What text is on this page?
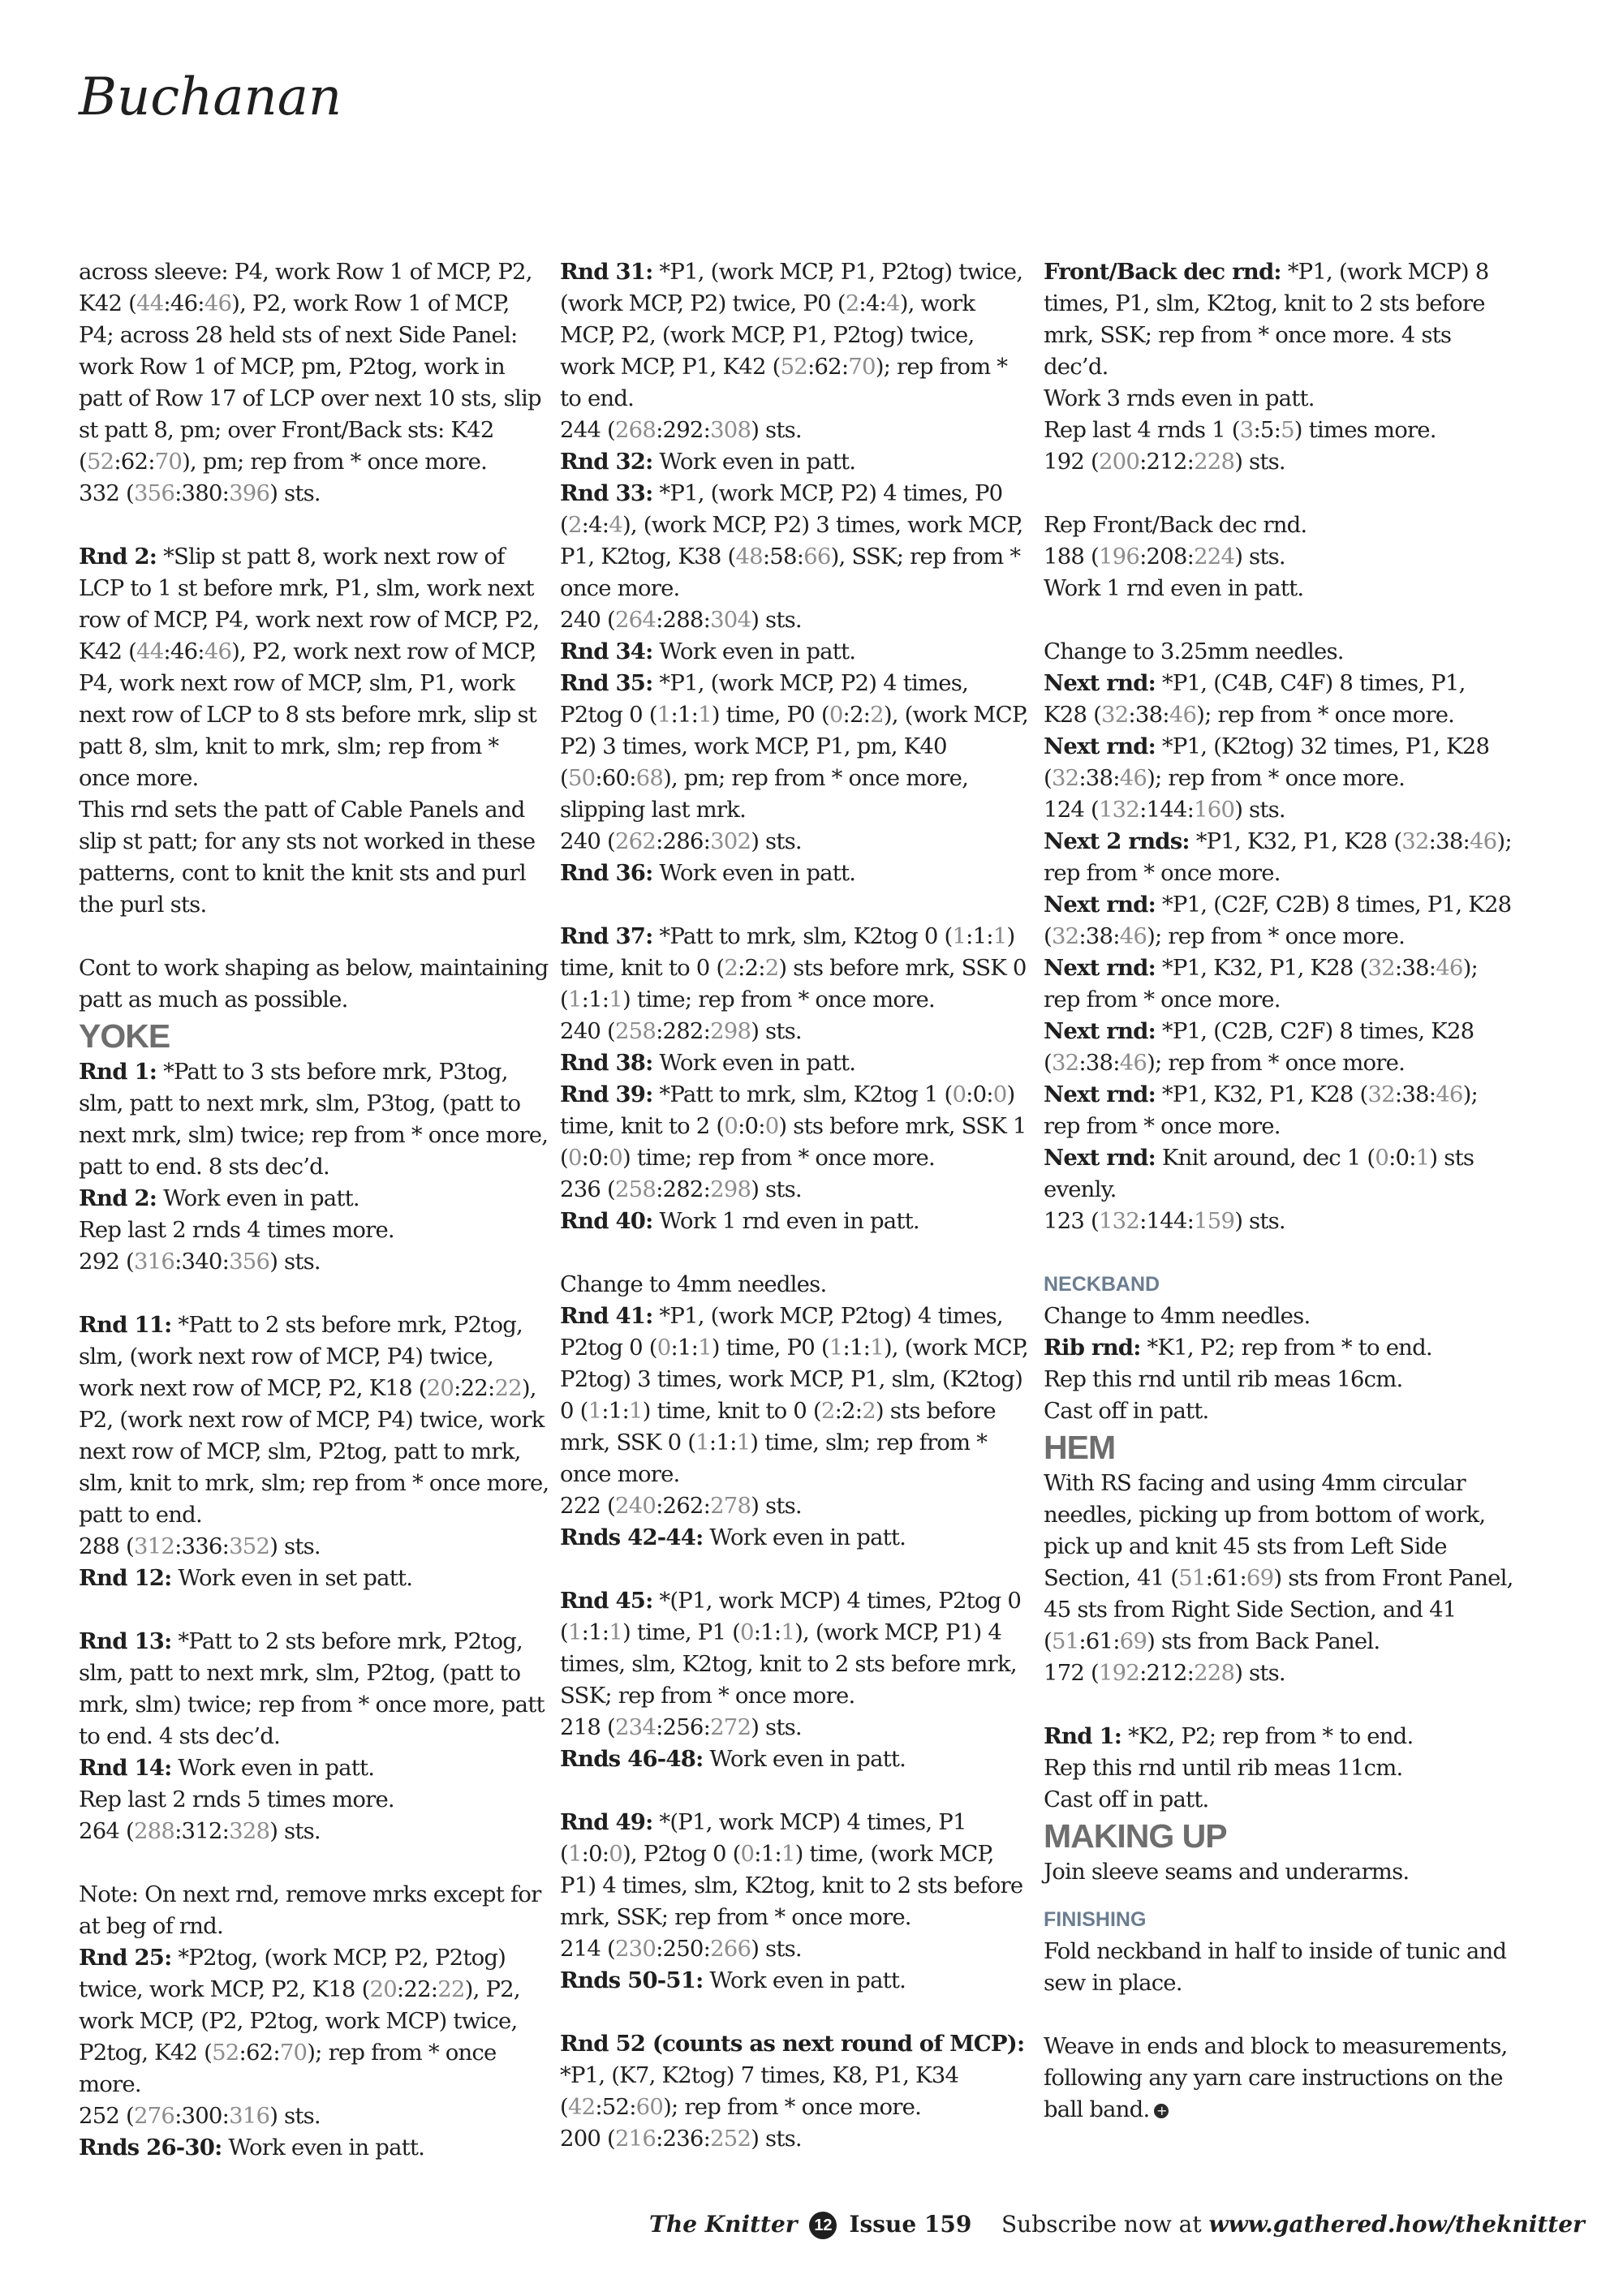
Buchanan

across sleeve: P4, work Row 1 of MCP, P2, K42 (44:46:46), P2, work Row 1 of MCP, P4; across 28 held sts of next Side Panel: work Row 1 of MCP, pm, P2tog, work in patt of Row 17 of LCP over next 10 sts, slip st patt 8, pm; over Front/Back sts: K42 (52:62:70), pm; rep from * once more.

332 (356:380:396) sts.

Rnd 2: *Slip st patt 8, work next row of LCP to 1 st before mrk, P1, slm, work next row of MCP, P4, work next row of MCP, P2, K42 (44:46:46), P2, work next row of MCP, P4, work next row of MCP, slm, P1, work next row of LCP to 8 sts before mrk, slip st patt 8, slm, knit to mrk, slm; rep from * once more.

This rnd sets the patt of Cable Panels and slip st patt; for any sts not worked in these patterns, cont to knit the knit sts and purl the purl sts.

Cont to work shaping as below, maintaining patt as much as possible.

YOKE

Rnd 1: *Patt to 3 sts before mrk, P3tog, slm, patt to next mrk, slm, P3tog, (patt to next mrk, slm) twice; rep from * once more, patt to end. 8 sts dec’d.

Rnd 2: Work even in patt.

Rep last 2 rnds 4 times more.

292 (316:340:356) sts.

Rnd 11: *Patt to 2 sts before mrk, P2tog, slm, (work next row of MCP, P4) twice, work next row of MCP, P2, K18 (20:22:22), P2, (work next row of MCP, P4) twice, work next row of MCP, slm, P2tog, patt to mrk, slm, knit to mrk, slm; rep from * once more, patt to end.

288 (312:336:352) sts.

Rnd 12: Work even in set patt.

Rnd 13: *Patt to 2 sts before mrk, P2tog, slm, patt to next mrk, slm, P2tog, (patt to mrk, slm) twice; rep from * once more, patt to end. 4 sts dec’d.

Rnd 14: Work even in patt.

Rep last 2 rnds 5 times more.

264 (288:312:328) sts.

Note: On next rnd, remove mrks except for at beg of rnd.

Rnd 25: *P2tog, (work MCP, P2, P2tog) twice, work MCP, P2, K18 (20:22:22), P2, work MCP, (P2, P2tog, work MCP) twice, P2tog, K42 (52:62:70); rep from * once more.

252 (276:300:316) sts.

Rnds 26-30: Work even in patt.

Rnd 31: *P1, (work MCP, P1, P2tog) twice, (work MCP, P2) twice, P0 (2:4:4), work MCP, P2, (work MCP, P1, P2tog) twice, work MCP, P1, K42 (52:62:70); rep from * to end.

244 (268:292:308) sts.

Rnd 32: Work even in patt.

Rnd 33: *P1, (work MCP, P2) 4 times, P0 (2:4:4), (work MCP, P2) 3 times, work MCP, P1, K2tog, K38 (48:58:66), SSK; rep from * once more.

240 (264:288:304) sts.

Rnd 34: Work even in patt.

Rnd 35: *P1, (work MCP, P2) 4 times, P2tog 0 (1:1:1) time, P0 (0:2:2), (work MCP, P2) 3 times, work MCP, P1, pm, K40 (50:60:68), pm; rep from * once more, slipping last mrk.

240 (262:286:302) sts.

Rnd 36: Work even in patt.

Rnd 37: *Patt to mrk, slm, K2tog 0 (1:1:1) time, knit to 0 (2:2:2) sts before mrk, SSK 0 (1:1:1) time; rep from * once more.

240 (258:282:298) sts.

Rnd 38: Work even in patt.

Rnd 39: *Patt to mrk, slm, K2tog 1 (0:0:0) time, knit to 2 (0:0:0) sts before mrk, SSK 1 (0:0:0) time; rep from * once more.

236 (258:282:298) sts.

Rnd 40: Work 1 rnd even in patt.

Change to 4mm needles.

Rnd 41: *P1, (work MCP, P2tog) 4 times, P2tog 0 (0:1:1) time, P0 (1:1:1), (work MCP, P2tog) 3 times, work MCP, P1, slm, (K2tog) 0 (1:1:1) time, knit to 0 (2:2:2) sts before mrk, SSK 0 (1:1:1) time, slm; rep from * once more.

222 (240:262:278) sts.

Rnds 42-44: Work even in patt.

Rnd 45: *(P1, work MCP) 4 times, P2tog 0 (1:1:1) time, P1 (0:1:1), (work MCP, P1) 4 times, slm, K2tog, knit to 2 sts before mrk, SSK; rep from * once more.

218 (234:256:272) sts.

Rnds 46-48: Work even in patt.

Rnd 49: *(P1, work MCP) 4 times, P1 (1:0:0), P2tog 0 (0:1:1) time, (work MCP, P1) 4 times, slm, K2tog, knit to 2 sts before mrk, SSK; rep from * once more.

214 (230:250:266) sts.

Rnds 50-51: Work even in patt.

Rnd 52 (counts as next round of MCP): *P1, (K7, K2tog) 7 times, K8, P1, K34 (42:52:60); rep from * once more.

200 (216:236:252) sts.

Front/Back dec rnd: *P1, (work MCP) 8 times, P1, slm, K2tog, knit to 2 sts before mrk, SSK; rep from * once more. 4 sts dec’d.

Work 3 rnds even in patt.

Rep last 4 rnds 1 (3:5:5) times more.

192 (200:212:228) sts.

Rep Front/Back dec rnd.

188 (196:208:224) sts.

Work 1 rnd even in patt.

Change to 3.25mm needles.

Next rnd: *P1, (C4B, C4F) 8 times, P1, K28 (32:38:46); rep from * once more.

Next rnd: *P1, (K2tog) 32 times, P1, K28 (32:38:46); rep from * once more.

124 (132:144:160) sts.

Next 2 rnds: *P1, K32, P1, K28 (32:38:46); rep from * once more.

Next rnd: *P1, (C2F, C2B) 8 times, P1, K28 (32:38:46); rep from * once more.

Next rnd: *P1, K32, P1, K28 (32:38:46); rep from * once more.

Next rnd: *P1, (C2B, C2F) 8 times, K28 (32:38:46); rep from * once more.

Next rnd: *P1, K32, P1, K28 (32:38:46); rep from * once more.

Next rnd: Knit around, dec 1 (0:0:1) sts evenly.

123 (132:144:159) sts.

NECKBAND

Change to 4mm needles.

Rib rnd: *K1, P2; rep from * to end.

Rep this rnd until rib meas 16cm.

Cast off in patt.

HEM

With RS facing and using 4mm circular needles, picking up from bottom of work, pick up and knit 45 sts from Left Side Section, 41 (51:61:69) sts from Front Panel, 45 sts from Right Side Section, and 41 (51:61:69) sts from Back Panel.

172 (192:212:228) sts.

Rnd 1: *K2, P2; rep from * to end.

Rep this rnd until rib meas 11cm.

Cast off in patt.

MAKING UP

Join sleeve seams and underarms.

FINISHING

Fold neckband in half to inside of tunic and sew in place.

Weave in ends and block to measurements, following any yarn care instructions on the ball band. +

The Knitter 12 Issue 159 Subscribe now at www.gathered.how/theknitter
